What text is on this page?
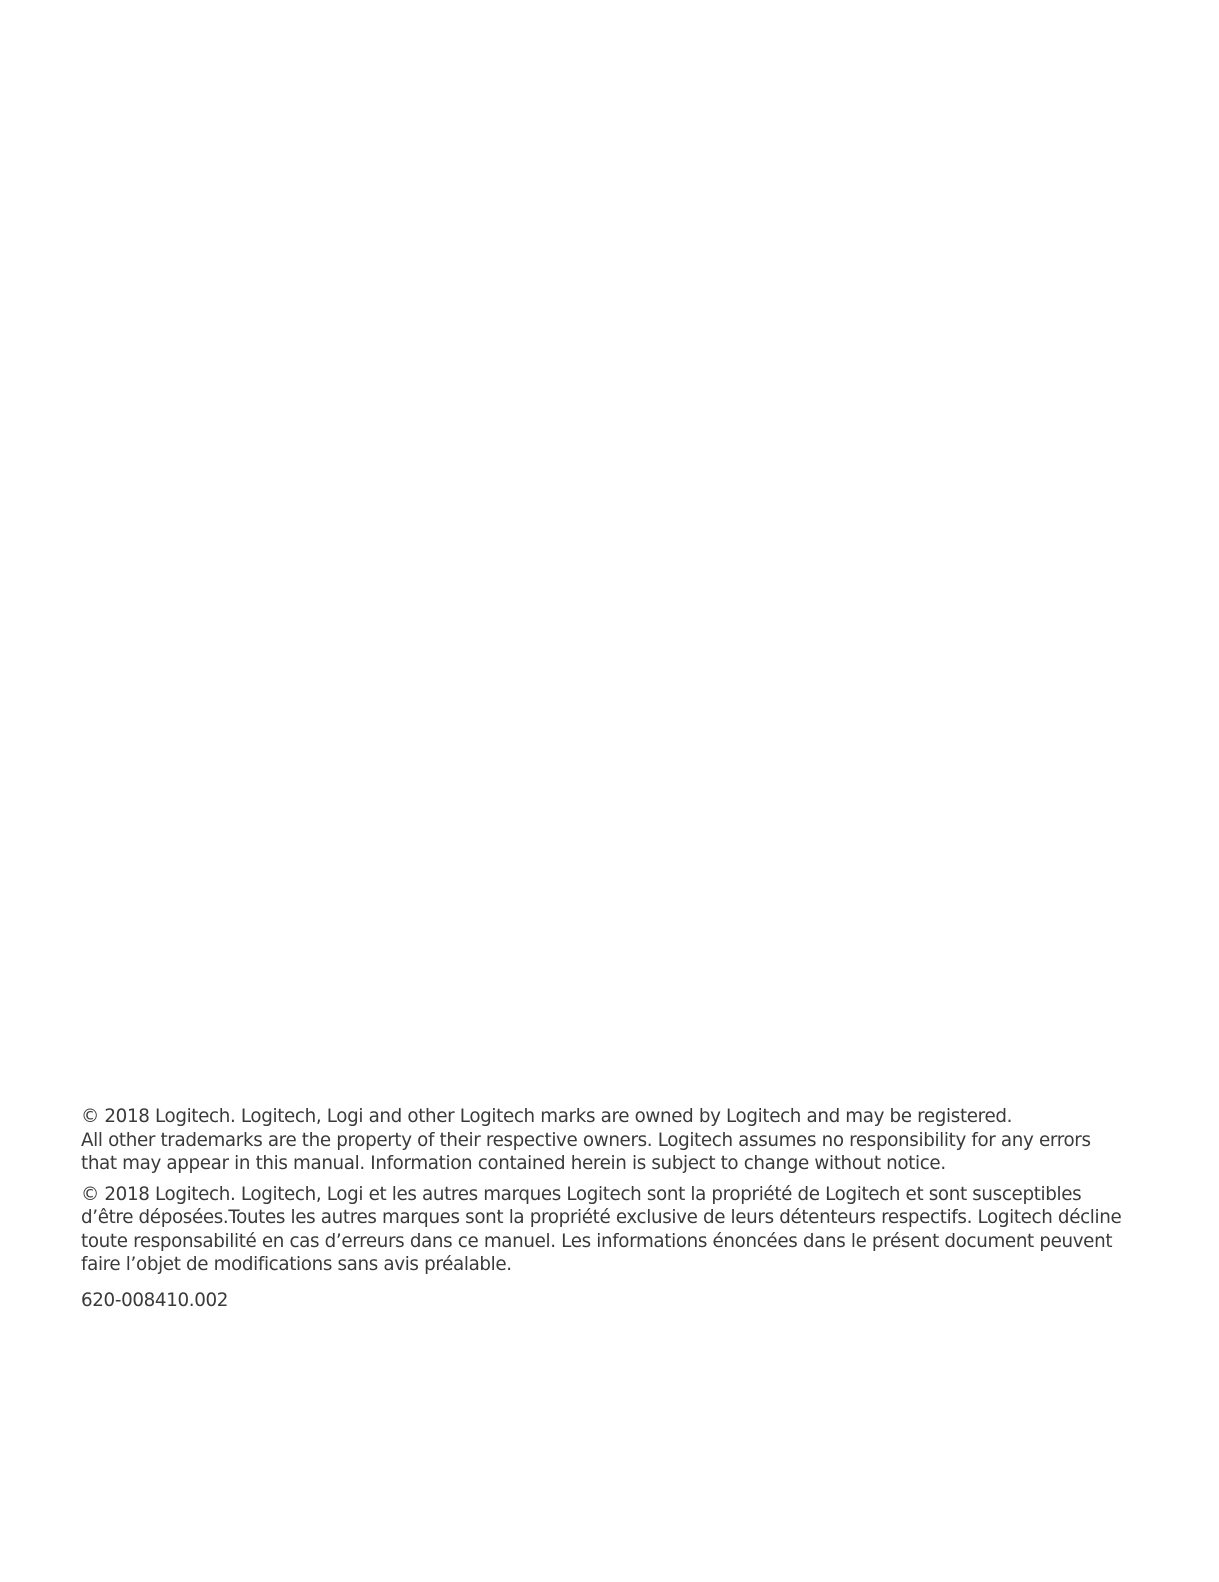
© 2018 Logitech. Logitech, Logi and other Logitech marks are owned by Logitech and may be registered.
All other trademarks are the property of their respective owners. Logitech assumes no responsibility for any errors
that may appear in this manual. Information contained herein is subject to change without notice.

© 2018 Logitech. Logitech, Logi et les autres marques Logitech sont la propriété de Logitech et sont susceptibles
d’être déposées.Toutes les autres marques sont la propriété exclusive de leurs détenteurs respectifs. Logitech décline
toute responsabilité en cas d’erreurs dans ce manuel. Les informations énoncées dans le présent document peuvent
faire l’objet de modifications sans avis préalable.

620-008410.002
